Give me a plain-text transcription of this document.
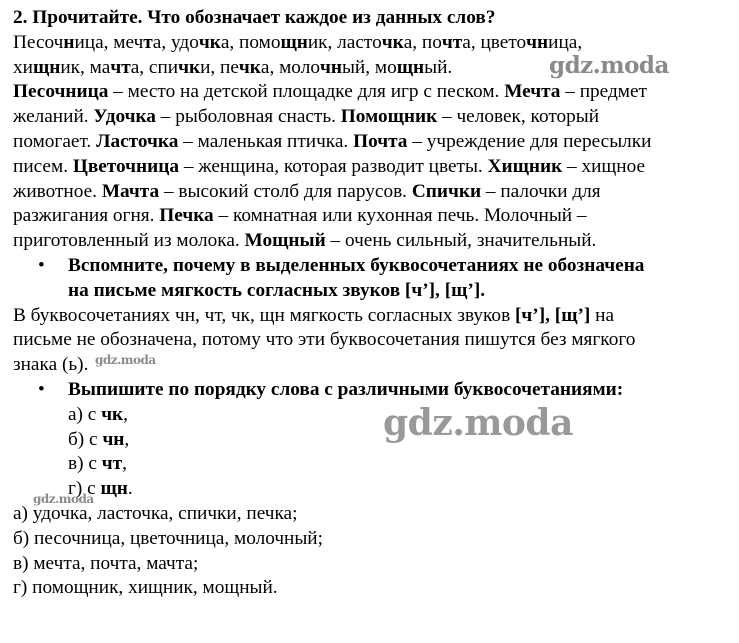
2. Прочитайте. Что обозначает каждое из данных слов?
Песочница, мечта, удочка, помощник, ласточка, почта, цветочница,
хищник, мачта, спички, печка, молочный, мощный.
Песочница – место на детской площадке для игр с песком. Мечта – предмет
желаний. Удочка – рыболовная снасть. Помощник – человек, который
помогает. Ласточка – маленькая птичка. Почта – учреждение для пересылки
писем. Цветочница – женщина, которая разводит цветы. Хищник – хищное
животное. Мачта – высокий столб для парусов. Спички – палочки для
разжигания огня. Печка – комнатная или кухонная печь. Молочный –
приготовленный из молока. Мощный – очень сильный, значительный.
• Вспомните, почему в выделенных буквосочетаниях не обозначена
на письме мягкость согласных звуков [ч’], [щ’].
В буквосочетаниях чн, чт, чк, щн мягкость согласных звуков [ч’], [щ’] на
письме не обозначена, потому что эти буквосочетания пишутся без мягкого
знака (ь).
• Выпишите по порядку слова с различными буквосочетаниями:
а) с чк,
б) с чн,
в) с чт,
г) с щн.
а) удочка, ласточка, спички, печка;
б) песочница, цветочница, молочный;
в) мечта, почта, мачта;
г) помощник, хищник, мощный.
gdz.moda
gdz.moda
gdz.moda
gdz.moda
